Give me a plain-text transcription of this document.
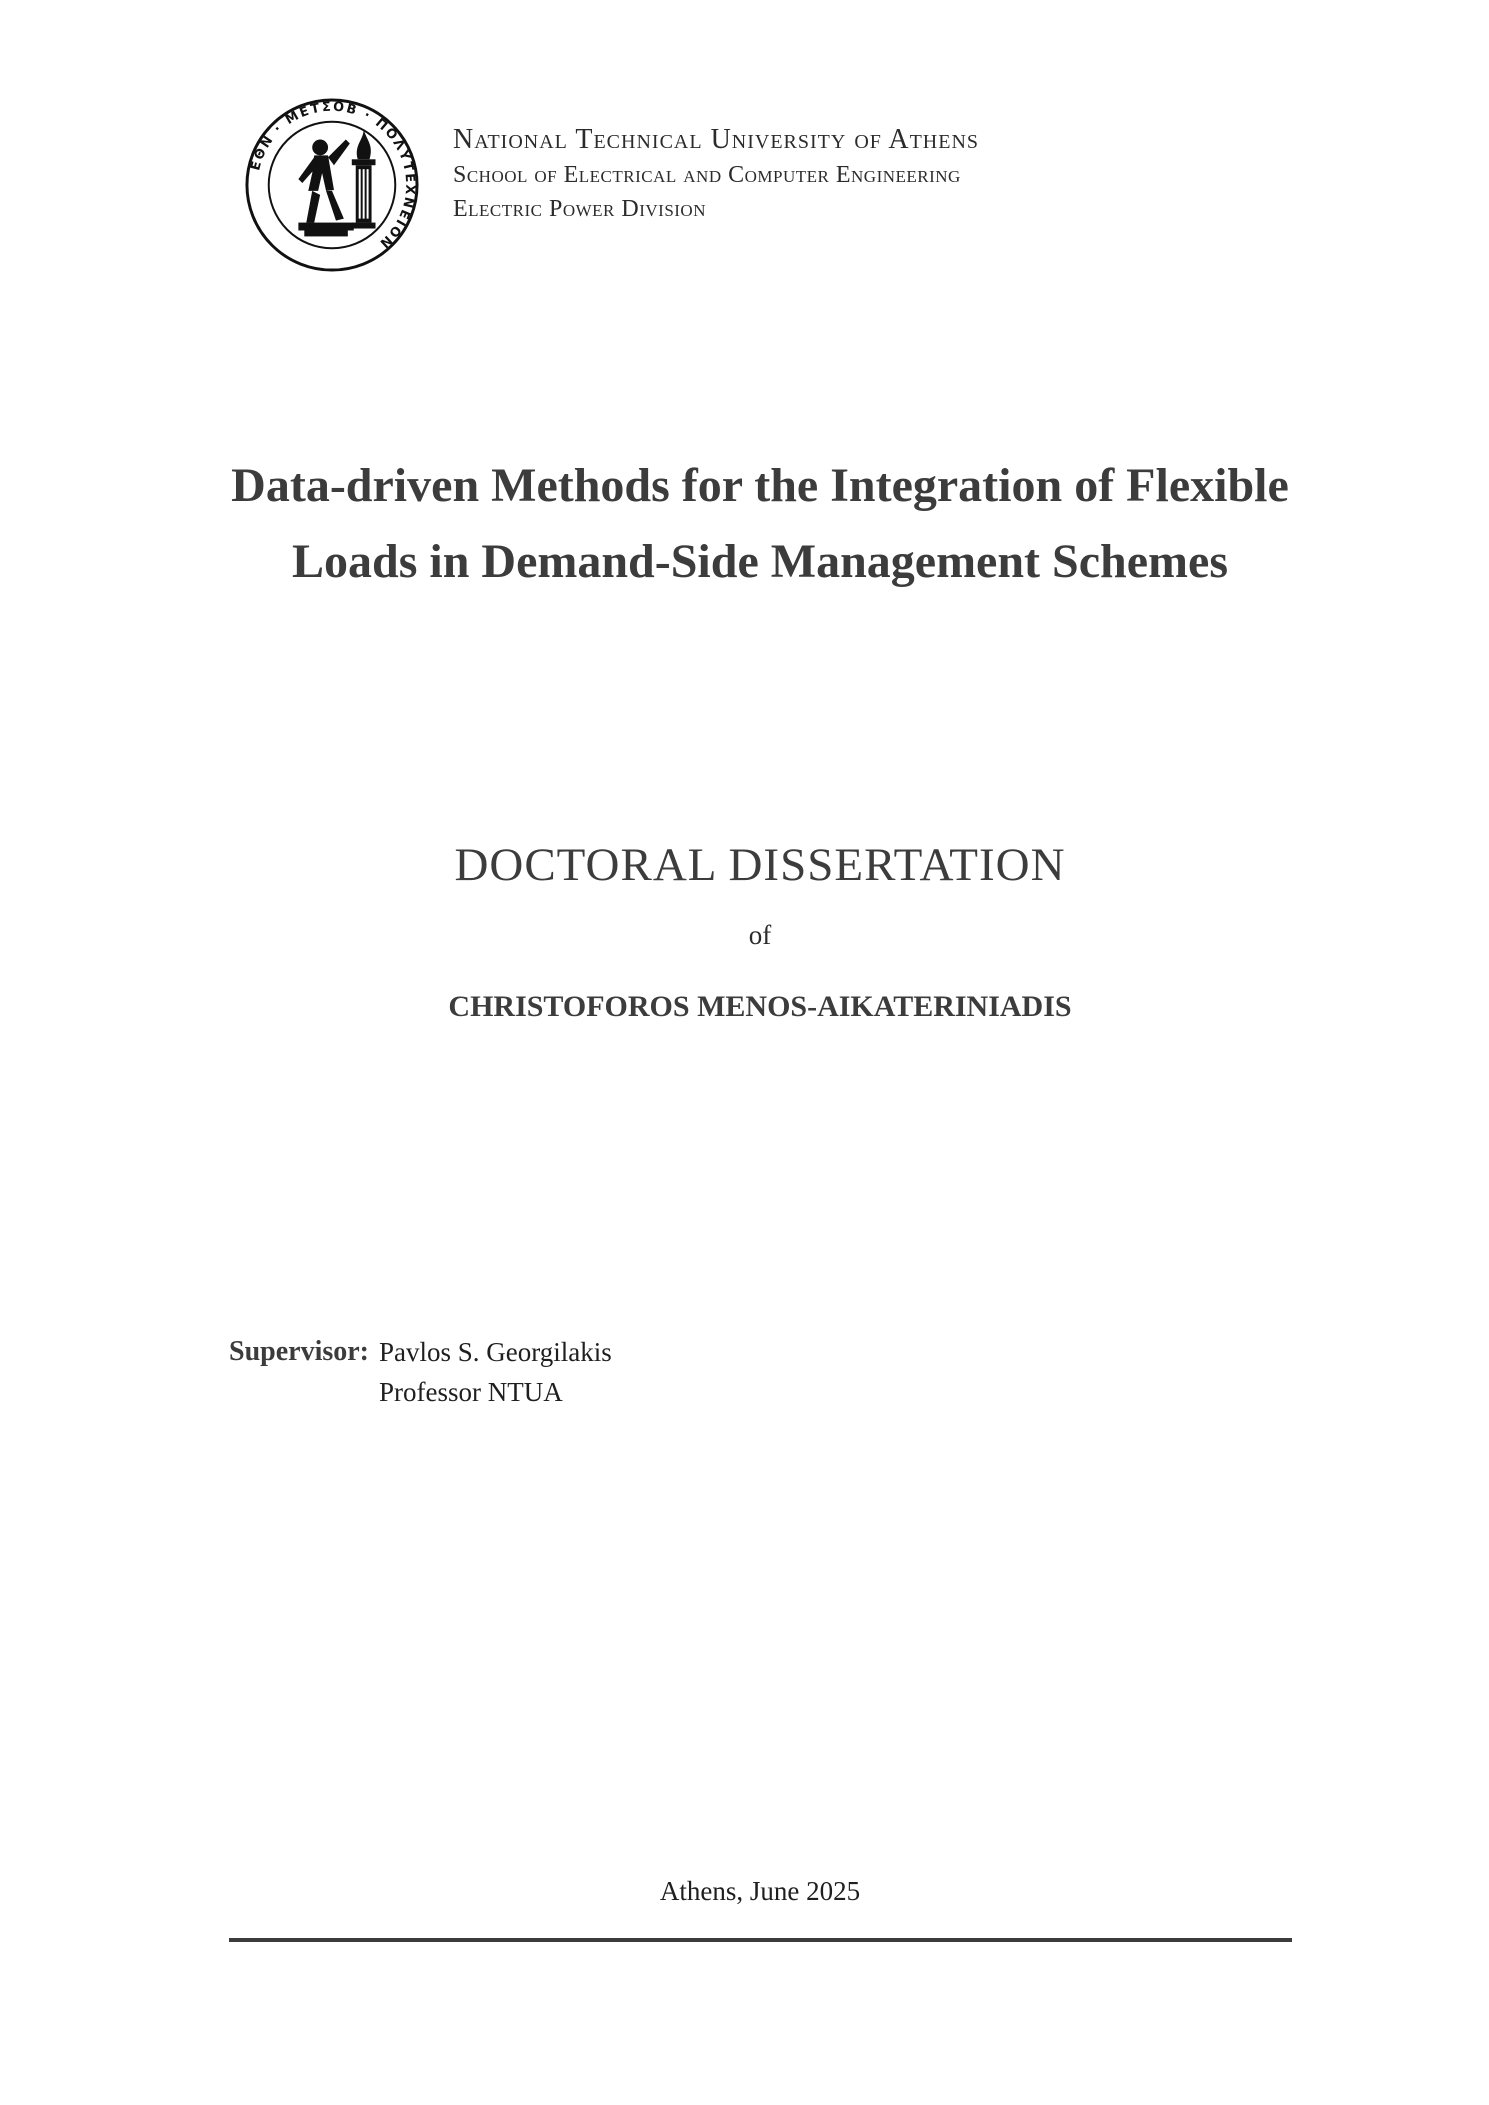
ΕΘΝ · ΜΕΤΣΟΒ · ΠΟΛΥΤΕΧΝΕΙΟΝ
National Technical University of Athens
School of Electrical and Computer Engineering
Electric Power Division
Data-driven Methods for the Integration of Flexible
Loads in Demand-Side Management Schemes
DOCTORAL DISSERTATION
of
CHRISTOFOROS MENOS-AIKATERINIADIS
Supervisor: Pavlos S. Georgilakis
Professor NTUA
Athens, June 2025
